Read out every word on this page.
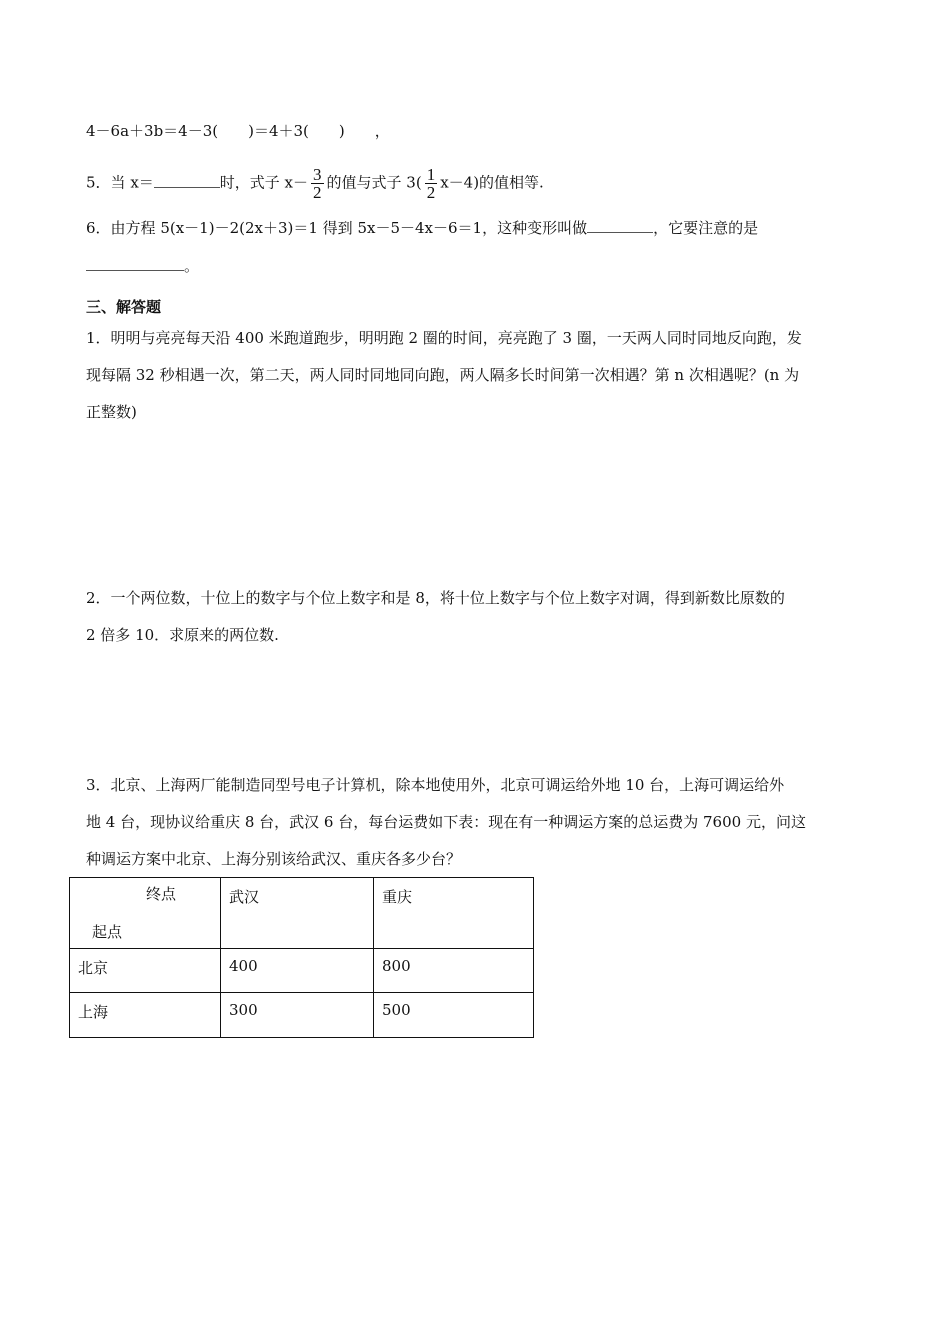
4－6a＋3b＝4－3(　　)＝4＋3(　　)　　，
5．当 x＝	时，式子 $x- \frac{3}{2}$ 的值与式子 $3( \frac{1}{2} x-4)$的值相等.
6．由方程 5(x－1)－2(2x＋3)＝1 得到 5x－5－4x－6＝1，这种变形叫做	，它要注意的是
。
三、解答题
1．明明与亮亮每天沿 400 米跑道跑步，明明跑 2 圈的时间，亮亮跑了 3 圈，一天两人同时同地反向跑，发
现每隔 32 秒相遇一次，第二天，两人同时同地同向跑，两人隔多长时间第一次相遇？第 n 次相遇呢？(n 为
正整数)
2．一个两位数，十位上的数字与个位上数字和是 8，将十位上数字与个位上数字对调，得到新数比原数的
2 倍多 10．求原来的两位数.
3．北京、上海两厂能制造同型号电子计算机，除本地使用外，北京可调运给外地 10 台，上海可调运给外
地 4 台，现协议给重庆 8 台，武汉 6 台，每台运费如下表：现在有一种调运方案的总运费为 7600 元，问这
种调运方案中北京、上海分别该给武汉、重庆各多少台？
终点
起点	武汉	重庆

北京	400	800

上海	300	500
